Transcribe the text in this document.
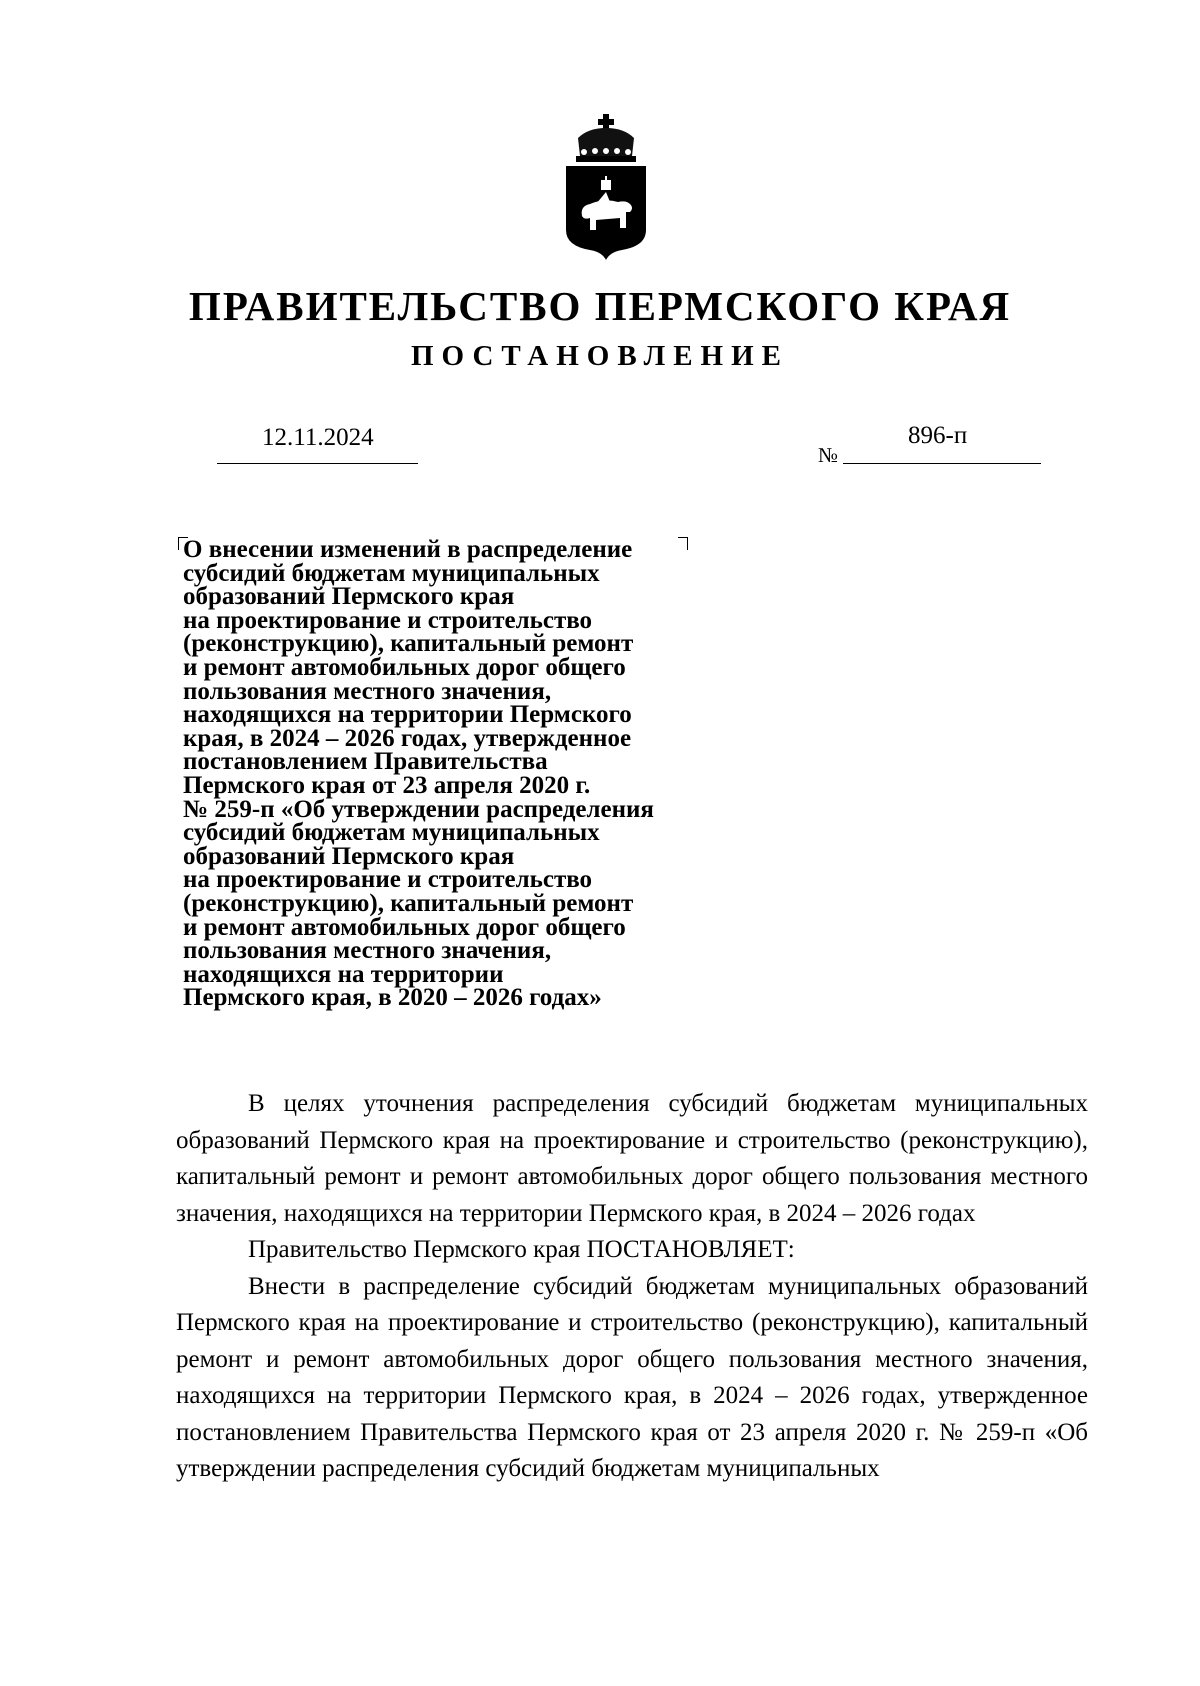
ПРАВИТЕЛЬСТВО ПЕРМСКОГО КРАЯ
ПОСТАНОВЛЕНИЕ
12.11.2024
№
896-п
О внесении изменений в распределение
субсидий бюджетам муниципальных
образований Пермского края
на проектирование и строительство
(реконструкцию), капитальный ремонт
и ремонт автомобильных дорог общего
пользования местного значения,
находящихся на территории Пермского
края, в 2024 – 2026 годах, утвержденное
постановлением Правительства
Пермского края от 23 апреля 2020 г.
№ 259-п «Об утверждении распределения
субсидий бюджетам муниципальных
образований Пермского края
на проектирование и строительство
(реконструкцию), капитальный ремонт
и ремонт автомобильных дорог общего
пользования местного значения,
находящихся на территории
Пермского края, в 2020 – 2026 годах»

В целях уточнения распределения субсидий бюджетам муниципальных образований Пермского края на проектирование и строительство (реконструкцию), капитальный ремонт и ремонт автомобильных дорог общего пользования местного значения, находящихся на территории Пермского края, в 2024 – 2026 годах

Правительство Пермского края ПОСТАНОВЛЯЕТ:

Внести в распределение субсидий бюджетам муниципальных образований Пермского края на проектирование и строительство (реконструкцию), капитальный ремонт и ремонт автомобильных дорог общего пользования местного значения, находящихся на территории Пермского края, в 2024 – 2026 годах, утвержденное постановлением Правительства Пермского края от 23 апреля 2020 г. № 259-п «Об утверждении распределения субсидий бюджетам муниципальных
